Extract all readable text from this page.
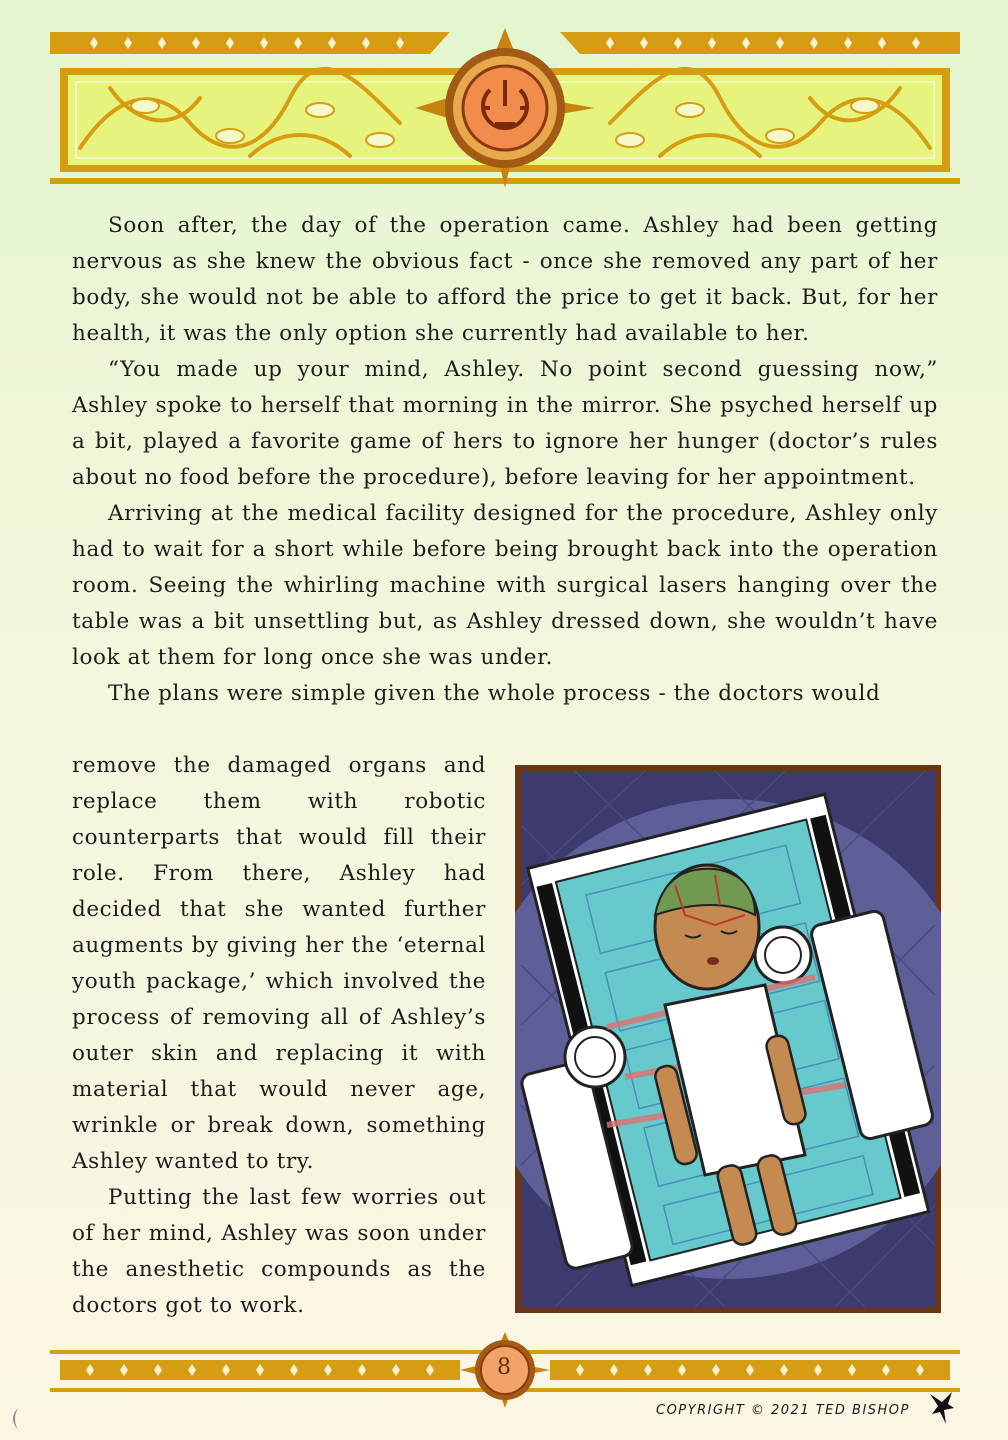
Soon after, the day of the operation came. Ashley had been getting nervous as she knew the obvious fact - once she removed any part of her body, she would not be able to afford the price to get it back. But, for her health, it was the only option she currently had available to her.

“You made up your mind, Ashley. No point second guessing now,” Ashley spoke to herself that morning in the mirror. She psyched herself up a bit, played a favorite game of hers to ignore her hunger (doctor’s rules about no food before the procedure), before leaving for her appointment.

Arriving at the medical facility designed for the procedure, Ashley only had to wait for a short while before being brought back into the operation room. Seeing the whirling machine with surgical lasers hanging over the table was a bit unsettling but, as Ashley dressed down, she wouldn’t have look at them for long once she was under.

The plans were simple given the whole process - the doctors would

remove the damaged organs and replace them with robotic counterparts that would fill their role. From there, Ashley had decided that she wanted further augments by giving her the ‘eternal youth package,’ which involved the process of removing all of Ashley’s outer skin and replacing it with material that would never age, wrinkle or break down, something Ashley wanted to try.

Putting the last few worries out of her mind, Ashley was soon under the anesthetic compounds as the doctors got to work.

8
COPYRIGHT © 2021 TED BISHOP
